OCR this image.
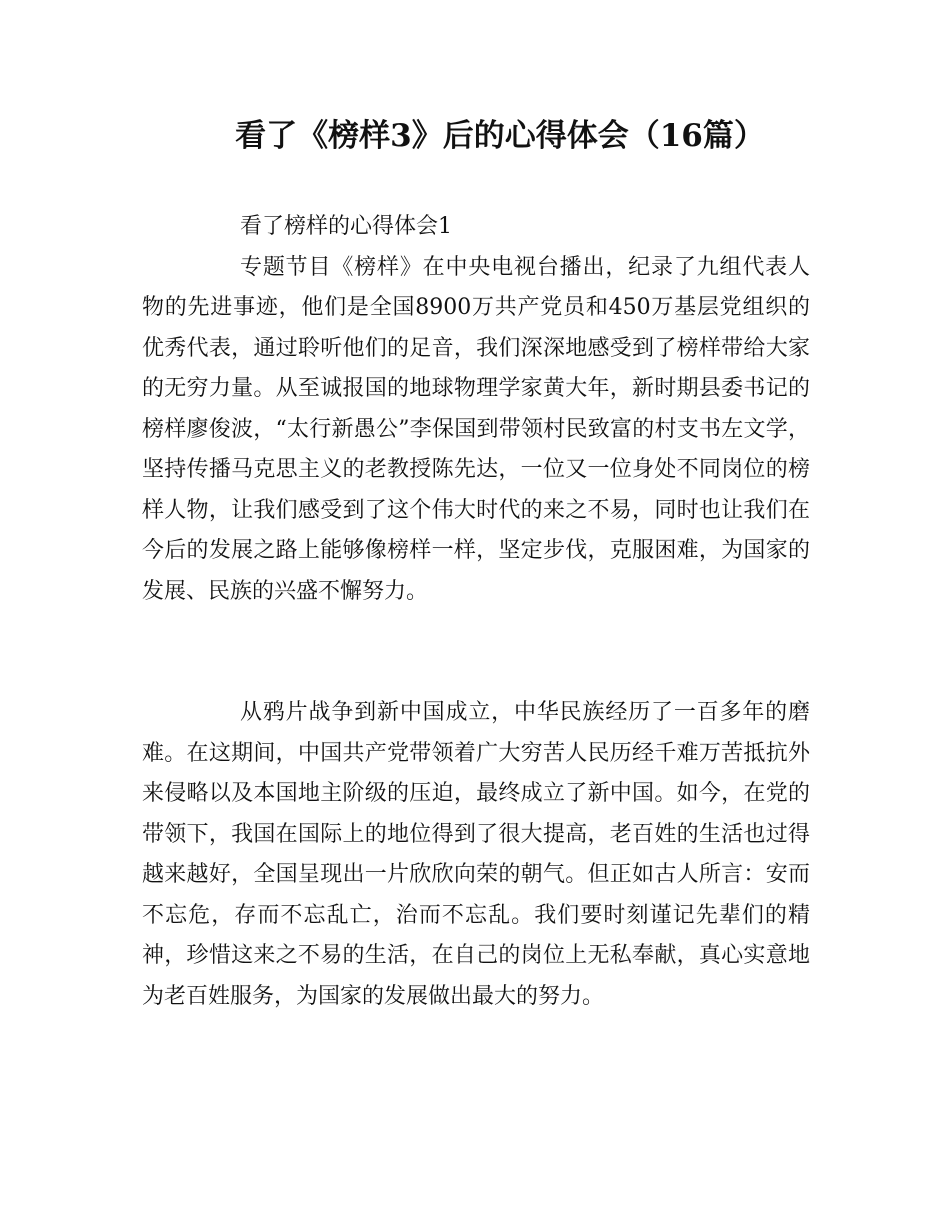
看了《榜样3》后的心得体会（16篇）

看了榜样的心得体会1

专题节目《榜样》在中央电视台播出，纪录了九组代表人物的先进事迹，他们是全国8900万共产党员和450万基层党组织的优秀代表，通过聆听他们的足音，我们深深地感受到了榜样带给大家的无穷力量。从至诚报国的地球物理学家黄大年，新时期县委书记的榜样廖俊波，“太行新愚公”李保国到带领村民致富的村支书左文学，坚持传播马克思主义的老教授陈先达，一位又一位身处不同岗位的榜样人物，让我们感受到了这个伟大时代的来之不易，同时也让我们在今后的发展之路上能够像榜样一样，坚定步伐，克服困难，为国家的发展、民族的兴盛不懈努力。

从鸦片战争到新中国成立，中华民族经历了一百多年的磨难。在这期间，中国共产党带领着广大穷苦人民历经千难万苦抵抗外来侵略以及本国地主阶级的压迫，最终成立了新中国。如今，在党的带领下，我国在国际上的地位得到了很大提高，老百姓的生活也过得越来越好，全国呈现出一片欣欣向荣的朝气。但正如古人所言：安而不忘危，存而不忘乱亡，治而不忘乱。我们要时刻谨记先辈们的精神，珍惜这来之不易的生活，在自己的岗位上无私奉献，真心实意地为老百姓服务，为国家的发展做出最大的努力。
